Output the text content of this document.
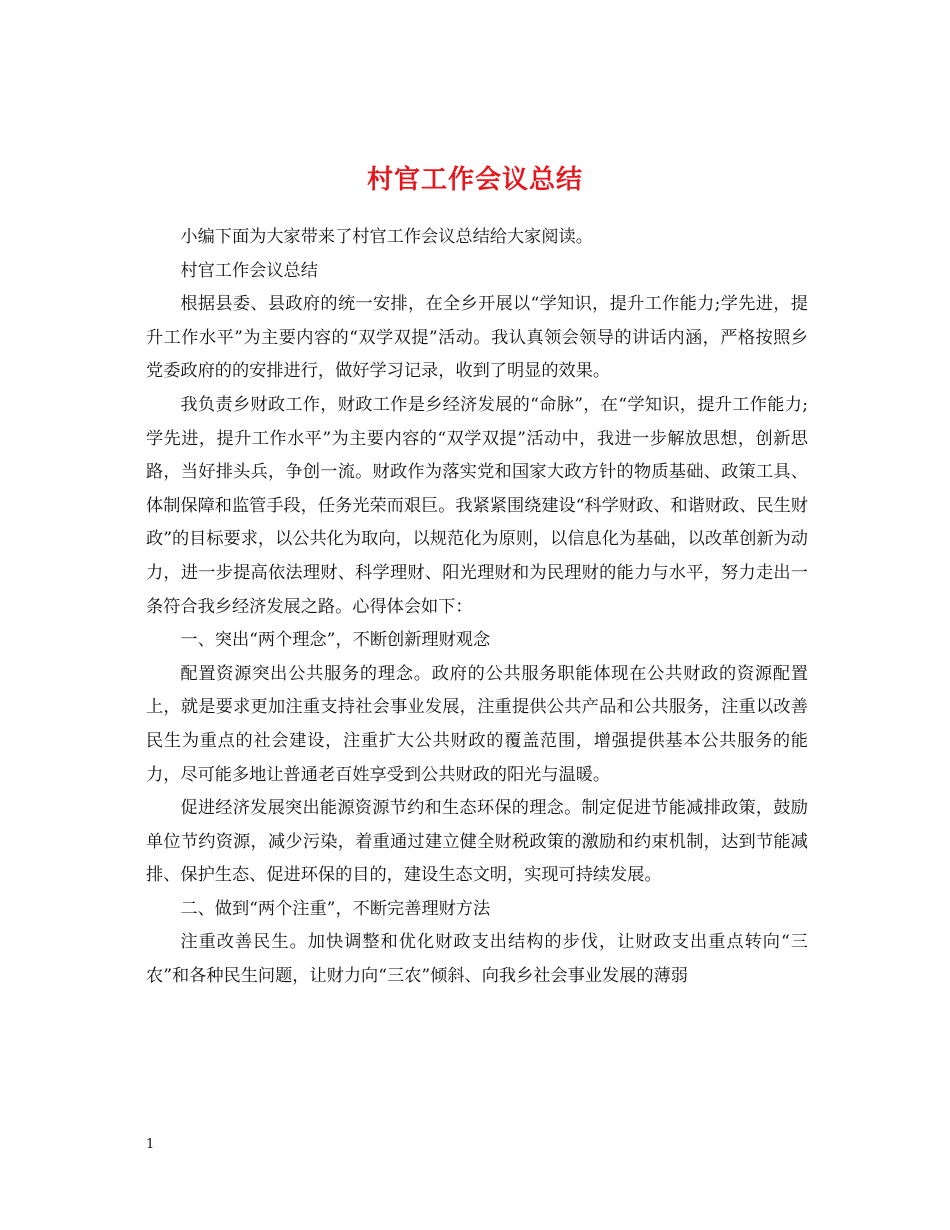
村官工作会议总结

小编下面为大家带来了村官工作会议总结给大家阅读。

村官工作会议总结

根据县委、县政府的统一安排，在全乡开展以“学知识，提升工作能力;学先进，提升工作水平”为主要内容的“双学双提”活动。我认真领会领导的讲话内涵，严格按照乡党委政府的的安排进行，做好学习记录，收到了明显的效果。

我负责乡财政工作，财政工作是乡经济发展的“命脉”，在“学知识，提升工作能力;学先进，提升工作水平”为主要内容的“双学双提”活动中，我进一步解放思想，创新思路，当好排头兵，争创一流。财政作为落实党和国家大政方针的物质基础、政策工具、体制保障和监管手段，任务光荣而艰巨。我紧紧围绕建设“科学财政、和谐财政、民生财政”的目标要求，以公共化为取向，以规范化为原则，以信息化为基础，以改革创新为动力，进一步提高依法理财、科学理财、阳光理财和为民理财的能力与水平，努力走出一条符合我乡经济发展之路。心得体会如下：

一、突出“两个理念”，不断创新理财观念

配置资源突出公共服务的理念。政府的公共服务职能体现在公共财政的资源配置上，就是要求更加注重支持社会事业发展，注重提供公共产品和公共服务，注重以改善民生为重点的社会建设，注重扩大公共财政的覆盖范围，增强提供基本公共服务的能力，尽可能多地让普通老百姓享受到公共财政的阳光与温暖。

促进经济发展突出能源资源节约和生态环保的理念。制定促进节能减排政策，鼓励单位节约资源，减少污染，着重通过建立健全财税政策的激励和约束机制，达到节能减排、保护生态、促进环保的目的，建设生态文明，实现可持续发展。

二、做到“两个注重”，不断完善理财方法

注重改善民生。加快调整和优化财政支出结构的步伐，让财政支出重点转向“三农”和各种民生问题，让财力向“三农”倾斜、向我乡社会事业发展的薄弱

1
